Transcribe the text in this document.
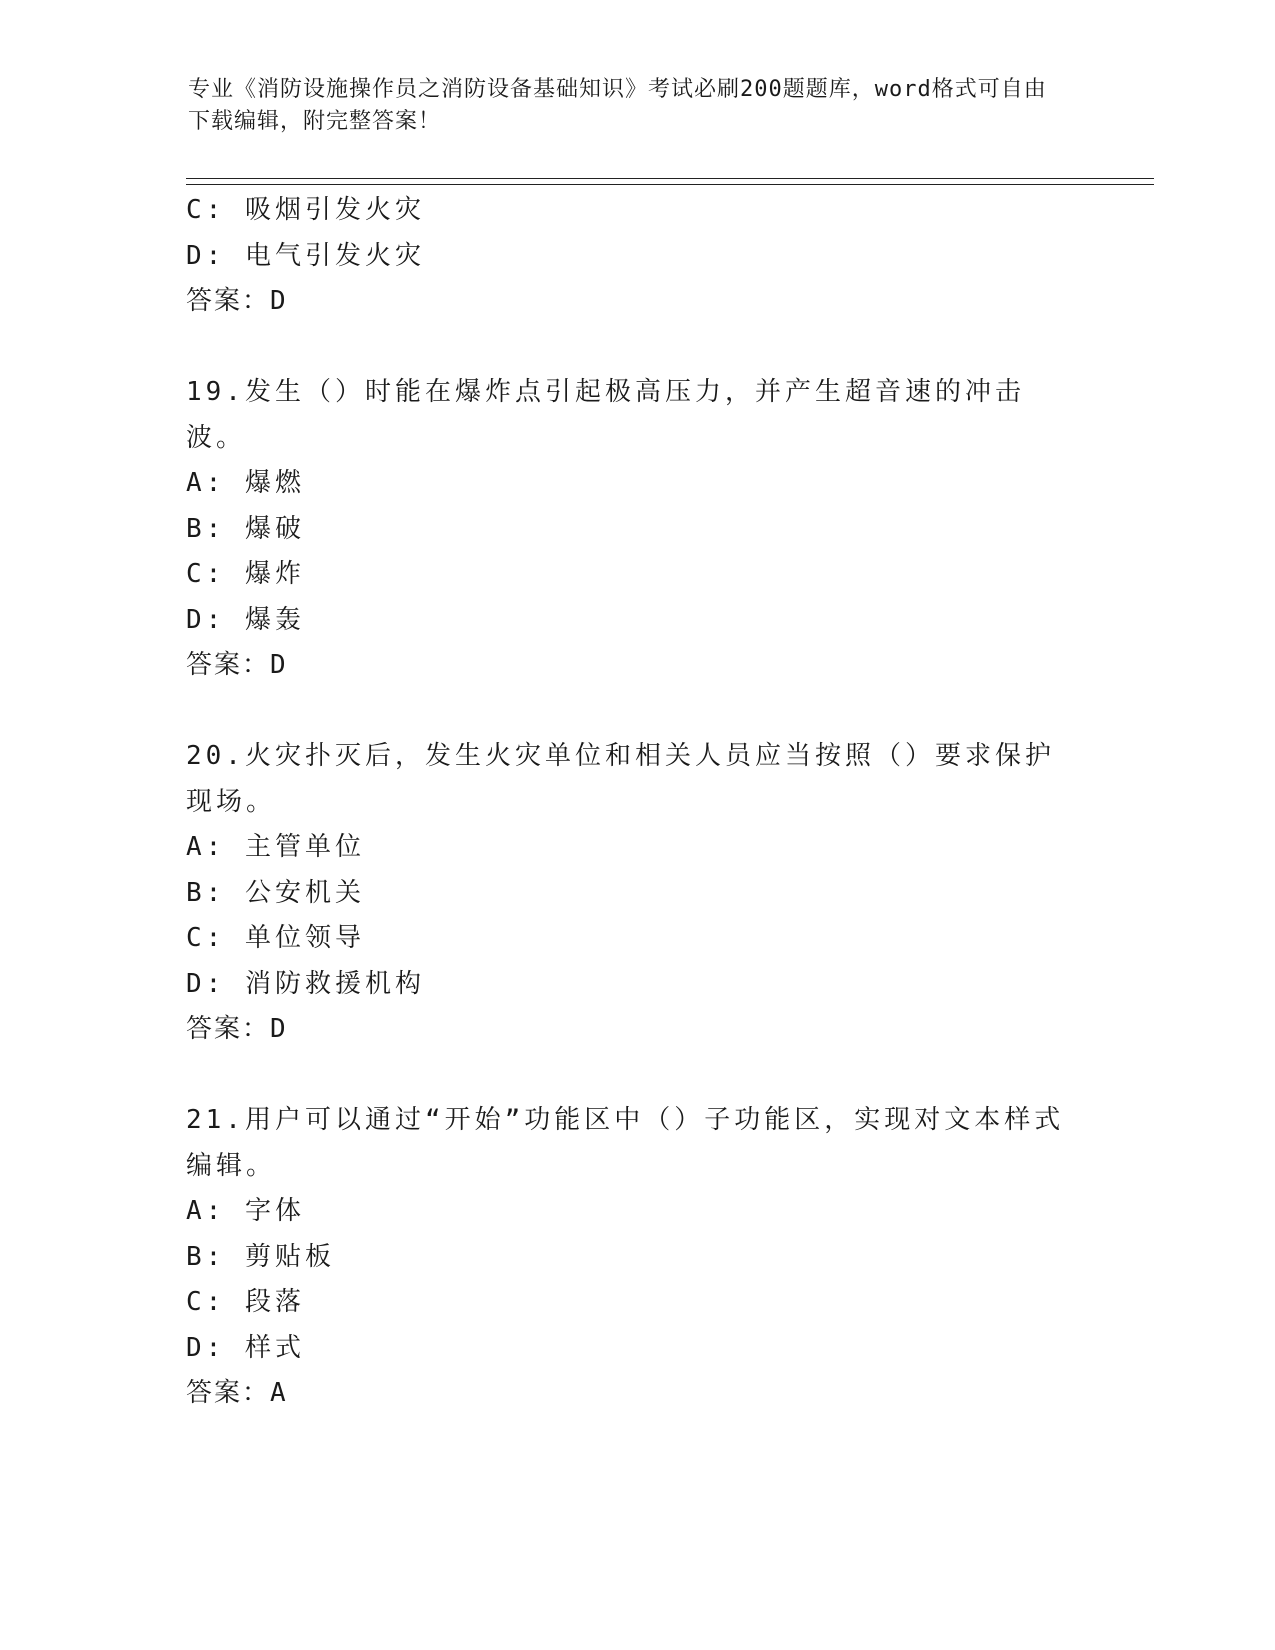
专业《消防设施操作员之消防设备基础知识》考试必刷200题题库，word格式可自由下载编辑，附完整答案！
C: 吸烟引发火灾
D: 电气引发火灾
答案：D
19.发生（）时能在爆炸点引起极高压力，并产生超音速的冲击波。
A: 爆燃
B: 爆破
C: 爆炸
D: 爆轰
答案：D
20.火灾扑灭后，发生火灾单位和相关人员应当按照（）要求保护现场。
A: 主管单位
B: 公安机关
C: 单位领导
D: 消防救援机构
答案：D
21.用户可以通过“开始”功能区中（）子功能区，实现对文本样式编辑。
A: 字体
B: 剪贴板
C: 段落
D: 样式
答案：A
